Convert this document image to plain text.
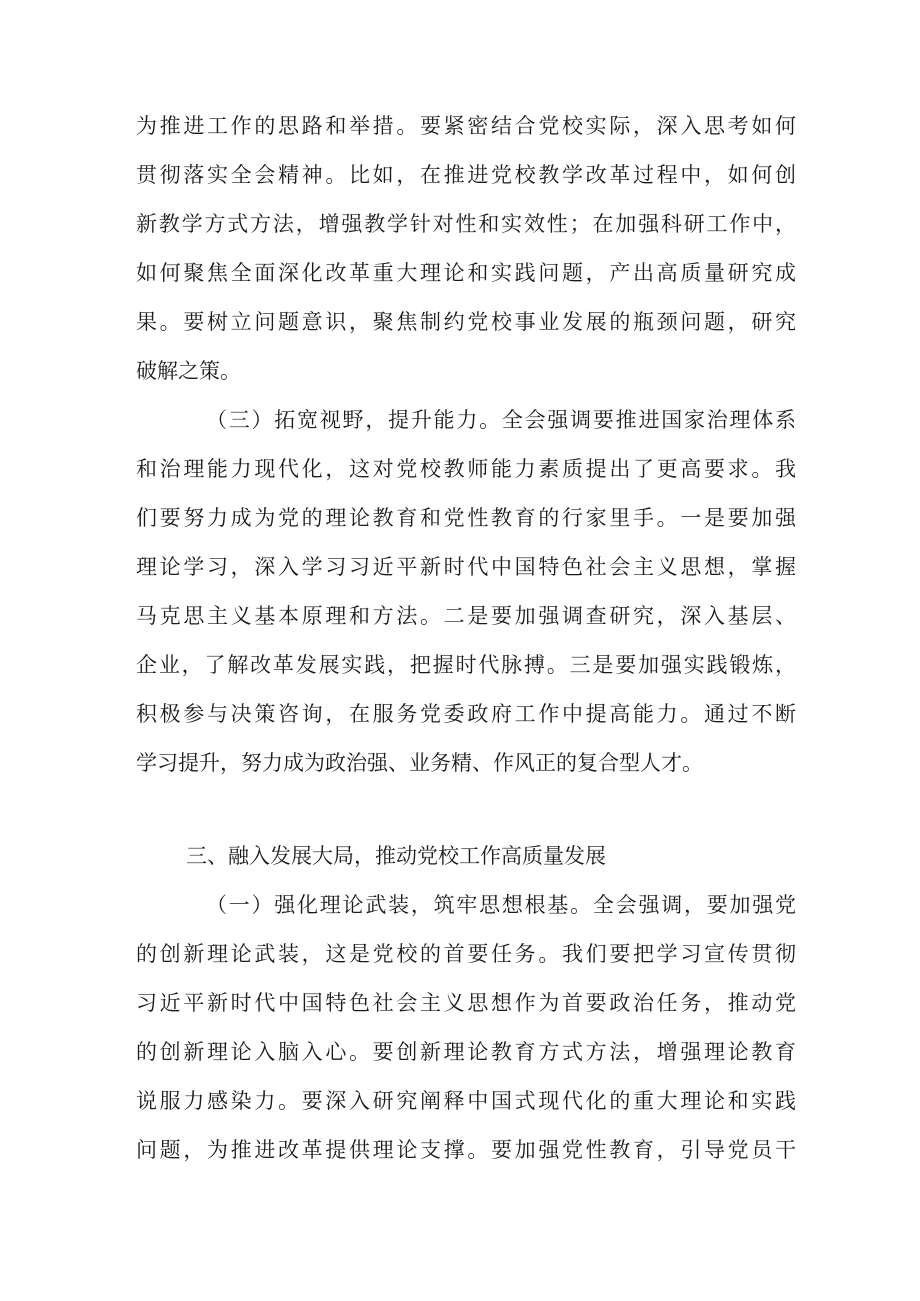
为推进工作的思路和举措。要紧密结合党校实际，深入思考如何
贯彻落实全会精神。比如，在推进党校教学改革过程中，如何创
新教学方式方法，增强教学针对性和实效性；在加强科研工作中，
如何聚焦全面深化改革重大理论和实践问题，产出高质量研究成
果。要树立问题意识，聚焦制约党校事业发展的瓶颈问题，研究
破解之策。
（三）拓宽视野，提升能力。全会强调要推进国家治理体系
和治理能力现代化，这对党校教师能力素质提出了更高要求。我
们要努力成为党的理论教育和党性教育的行家里手。一是要加强
理论学习，深入学习习近平新时代中国特色社会主义思想，掌握
马克思主义基本原理和方法。二是要加强调查研究，深入基层、
企业，了解改革发展实践，把握时代脉搏。三是要加强实践锻炼，
积极参与决策咨询，在服务党委政府工作中提高能力。通过不断
学习提升，努力成为政治强、业务精、作风正的复合型人才。
三、融入发展大局，推动党校工作高质量发展
（一）强化理论武装，筑牢思想根基。全会强调，要加强党
的创新理论武装，这是党校的首要任务。我们要把学习宣传贯彻
习近平新时代中国特色社会主义思想作为首要政治任务，推动党
的创新理论入脑入心。要创新理论教育方式方法，增强理论教育
说服力感染力。要深入研究阐释中国式现代化的重大理论和实践
问题，为推进改革提供理论支撑。要加强党性教育，引导党员干
